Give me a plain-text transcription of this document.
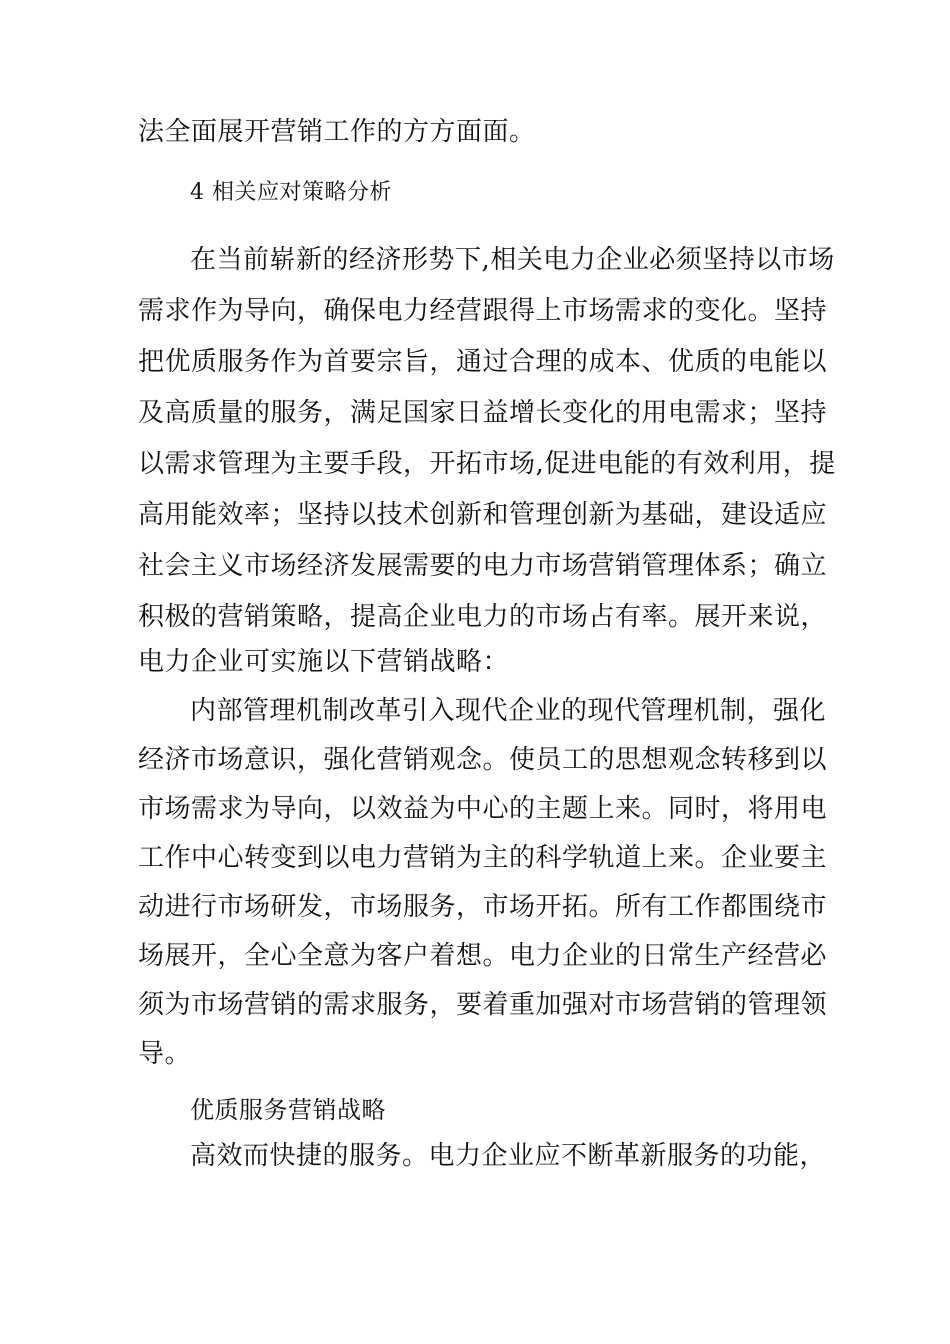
法全面展开营销工作的方方面面。
4 相关应对策略分析
在当前崭新的经济形势下,相关电力企业必须坚持以市场
需求作为导向，确保电力经营跟得上市场需求的变化。坚持
把优质服务作为首要宗旨，通过合理的成本、优质的电能以
及高质量的服务，满足国家日益增长变化的用电需求；坚持
以需求管理为主要手段，开拓市场,促进电能的有效利用，提
高用能效率；坚持以技术创新和管理创新为基础，建设适应
社会主义市场经济发展需要的电力市场营销管理体系；确立
积极的营销策略，提高企业电力的市场占有率。展开来说，
电力企业可实施以下营销战略：
内部管理机制改革引入现代企业的现代管理机制，强化
经济市场意识，强化营销观念。使员工的思想观念转移到以
市场需求为导向，以效益为中心的主题上来。同时，将用电
工作中心转变到以电力营销为主的科学轨道上来。企业要主
动进行市场研发，市场服务，市场开拓。所有工作都围绕市
场展开，全心全意为客户着想。电力企业的日常生产经营必
须为市场营销的需求服务，要着重加强对市场营销的管理领
导。
优质服务营销战略
高效而快捷的服务。电力企业应不断革新服务的功能，
